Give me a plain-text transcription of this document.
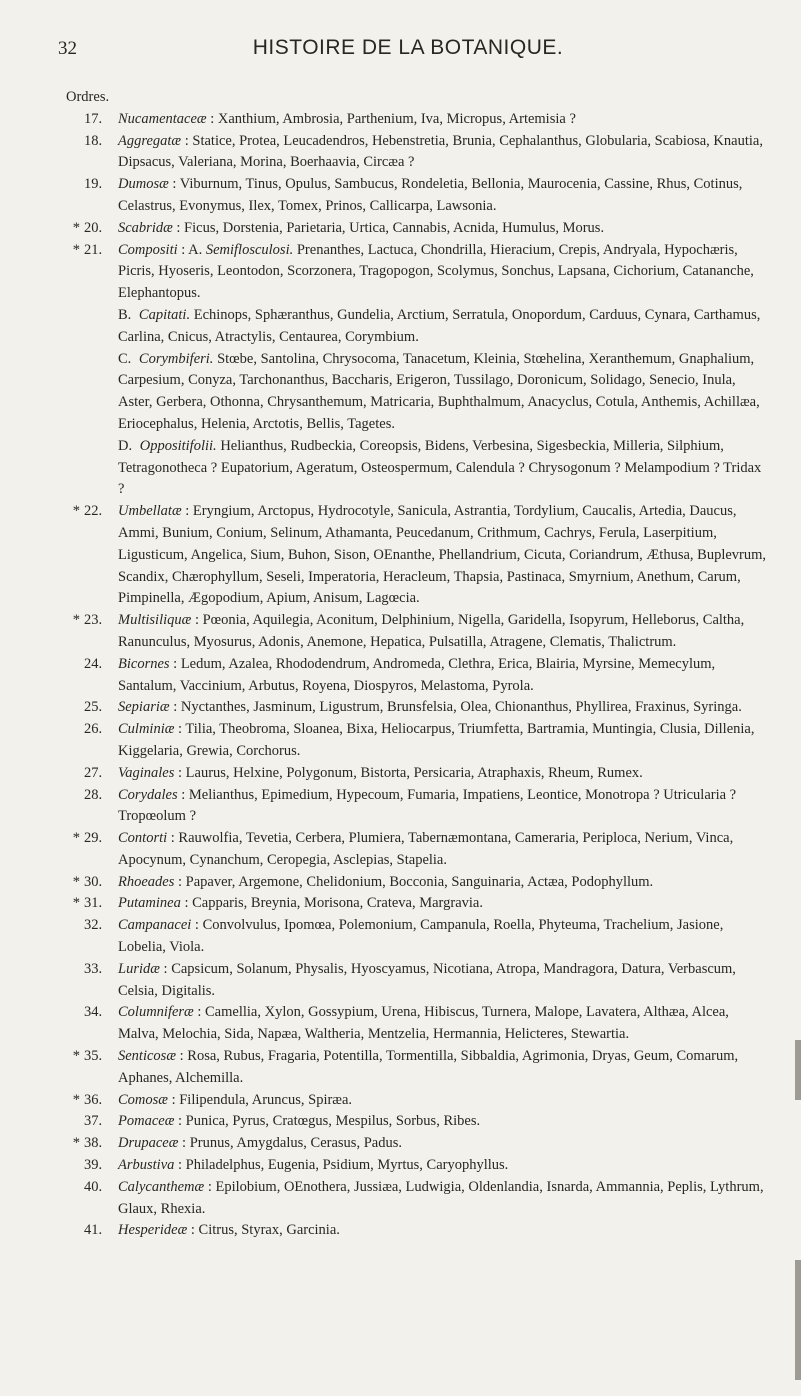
32	HISTOIRE DE LA BOTANIQUE.

Ordres.

17. Nucamentaceæ : Xanthium, Ambrosia, Parthenium, Iva, Micropus, Artemisia ?
18. Aggregatæ : Statice, Protea, Leucadendros, Hebenstretia, Brunia, Cephalanthus, Globularia, Scabiosa, Knautia, Dipsacus, Valeriana, Morina, Boerhaavia, Circæa ?
19. Dumosæ : Viburnum, Tinus, Opulus, Sambucus, Rondeletia, Bellonia, Maurocenia, Cassine, Rhus, Cotinus, Celastrus, Evonymus, Ilex, Tomex, Prinos, Callicarpa, Lawsonia.
* 20. Scabridæ : Ficus, Dorstenia, Parietaria, Urtica, Cannabis, Acnida, Humulus, Morus.
* 21. Compositi : A. Semiflosculosi. Prenanthes, Lactuca, Chondrilla, Hieracium, Crepis, Andryala, Hypochæris, Picris, Hyoseris, Leontodon, Scorzonera, Tragopogon, Scolymus, Sonchus, Lapsana, Cichorium, Catananche, Elephantopus.
B. Capitati. Echinops, Sphæranthus, Gundelia, Arctium, Serratula, Onopordum, Carduus, Cynara, Carthamus, Carlina, Cnicus, Atractylis, Centaurea, Corymbium.
C. Corymbiferi. Stœbe, Santolina, Chrysocoma, Tanacetum, Kleinia, Stœhelina, Xeranthemum, Gnaphalium, Carpesium, Conyza, Tarchonanthus, Baccharis, Erigeron, Tussilago, Doronicum, Solidago, Senecio, Inula, Aster, Gerbera, Othonna, Chrysanthemum, Matricaria, Buphthalmum, Anacyclus, Cotula, Anthemis, Achillæa, Eriocephalus, Helenia, Arctotis, Bellis, Tagetes.
D. Oppositifolii. Helianthus, Rudbeckia, Coreopsis, Bidens, Verbesina, Sigesbeckia, Milleria, Silphium, Tetragonotheca ? Eupatorium, Ageratum, Osteospermum, Calendula ? Chrysogonum ? Melampodium ? Tridax ?
* 22. Umbellatæ : Eryngium, Arctopus, Hydrocotyle, Sanicula, Astrantia, Tordylium, Caucalis, Artedia, Daucus, Ammi, Bunium, Conium, Selinum, Athamanta, Peucedanum, Crithmum, Cachrys, Ferula, Laserpitium, Ligusticum, Angelica, Sium, Buhon, Sison, OEnanthe, Phellandrium, Cicuta, Coriandrum, Æthusa, Buplevrum, Scandix, Chærophyllum, Seseli, Imperatoria, Heracleum, Thapsia, Pastinaca, Smyrnium, Anethum, Carum, Pimpinella, Ægopodium, Apium, Anisum, Lagœcia.
* 23. Multisiliquæ : Pœonia, Aquilegia, Aconitum, Delphinium, Nigella, Garidella, Isopyrum, Helleborus, Caltha, Ranunculus, Myosurus, Adonis, Anemone, Hepatica, Pulsatilla, Atragene, Clematis, Thalictrum.
24. Bicornes : Ledum, Azalea, Rhododendrum, Andromeda, Clethra, Erica, Blairia, Myrsine, Memecylum, Santalum, Vaccinium, Arbutus, Royena, Diospyros, Melastoma, Pyrola.
25. Sepiariæ : Nyctanthes, Jasminum, Ligustrum, Brunsfelsia, Olea, Chionanthus, Phyllirea, Fraxinus, Syringa.
26. Culminiæ : Tilia, Theobroma, Sloanea, Bixa, Heliocarpus, Triumfetta, Bartramia, Muntingia, Clusia, Dillenia, Kiggelaria, Grewia, Corchorus.
27. Vaginales : Laurus, Helxine, Polygonum, Bistorta, Persicaria, Atraphaxis, Rheum, Rumex.
28. Corydales : Melianthus, Epimedium, Hypecoum, Fumaria, Impatiens, Leontice, Monotropa ? Utricularia ? Tropœolum ?
* 29. Contorti : Rauwolfia, Tevetia, Cerbera, Plumiera, Tabernæmontana, Cameraria, Periploca, Nerium, Vinca, Apocynum, Cynanchum, Ceropegia, Asclepias, Stapelia.
* 30. Rhoeades : Papaver, Argemone, Chelidonium, Bocconia, Sanguinaria, Actæa, Podophyllum.
* 31. Putaminea : Capparis, Breynia, Morisona, Crateva, Margravia.
32. Campanacei : Convolvulus, Ipomœa, Polemonium, Campanula, Roella, Phyteuma, Trachelium, Jasione, Lobelia, Viola.
33. Luridæ : Capsicum, Solanum, Physalis, Hyoscyamus, Nicotiana, Atropa, Mandragora, Datura, Verbascum, Celsia, Digitalis.
34. Columniferæ : Camellia, Xylon, Gossypium, Urena, Hibiscus, Turnera, Malope, Lavatera, Althæa, Alcea, Malva, Melochia, Sida, Napæa, Waltheria, Mentzelia, Hermannia, Helicteres, Stewartia.
* 35. Senticosæ : Rosa, Rubus, Fragaria, Potentilla, Tormentilla, Sibbaldia, Agrimonia, Dryas, Geum, Comarum, Aphanes, Alchemilla.
* 36. Comosæ : Filipendula, Aruncus, Spiræa.
37. Pomaceæ : Punica, Pyrus, Cratœgus, Mespilus, Sorbus, Ribes.
* 38. Drupaceæ : Prunus, Amygdalus, Cerasus, Padus.
39. Arbustiva : Philadelphus, Eugenia, Psidium, Myrtus, Caryophyllus.
40. Calycanthemæ : Epilobium, OEnothera, Jussiæa, Ludwigia, Oldenlandia, Isnarda, Ammannia, Peplis, Lythrum, Glaux, Rhexia.
41. Hesperideæ : Citrus, Styrax, Garcinia.
